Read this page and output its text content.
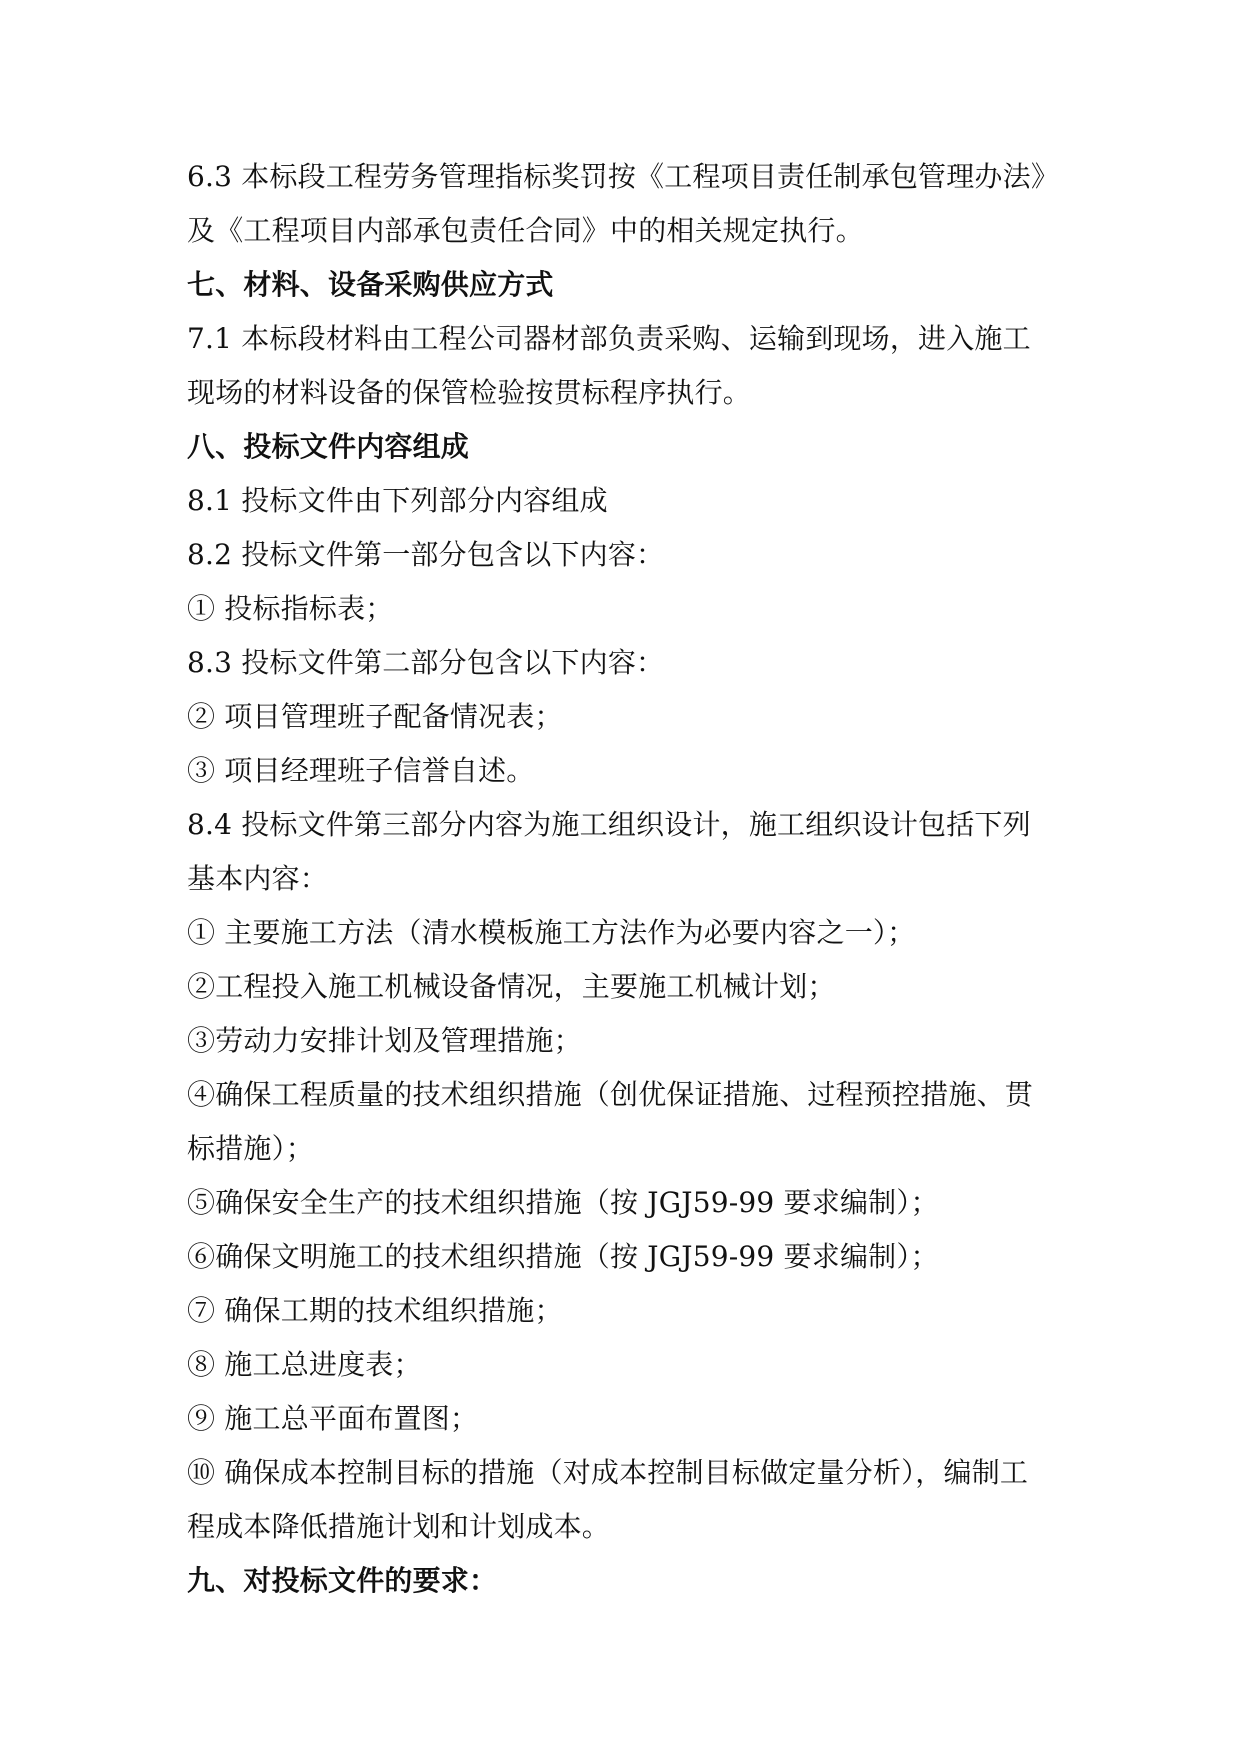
6.3 本标段工程劳务管理指标奖罚按《工程项目责任制承包管理办法》
及《工程项目内部承包责任合同》中的相关规定执行。
七、材料、设备采购供应方式
7.1 本标段材料由工程公司器材部负责采购、运输到现场，进入施工
现场的材料设备的保管检验按贯标程序执行。
八、投标文件内容组成
8.1 投标文件由下列部分内容组成
8.2 投标文件第一部分包含以下内容：
① 投标指标表；
8.3 投标文件第二部分包含以下内容：
② 项目管理班子配备情况表；
③ 项目经理班子信誉自述。
8.4 投标文件第三部分内容为施工组织设计，施工组织设计包括下列
基本内容：
① 主要施工方法（清水模板施工方法作为必要内容之一）；
②工程投入施工机械设备情况，主要施工机械计划；
③劳动力安排计划及管理措施；
④确保工程质量的技术组织措施（创优保证措施、过程预控措施、贯
标措施）；
⑤确保安全生产的技术组织措施（按 JGJ59-99 要求编制）；
⑥确保文明施工的技术组织措施（按 JGJ59-99 要求编制）；
⑦ 确保工期的技术组织措施；
⑧ 施工总进度表；
⑨ 施工总平面布置图；
⑩ 确保成本控制目标的措施（对成本控制目标做定量分析），编制工
程成本降低措施计划和计划成本。
九、对投标文件的要求：
